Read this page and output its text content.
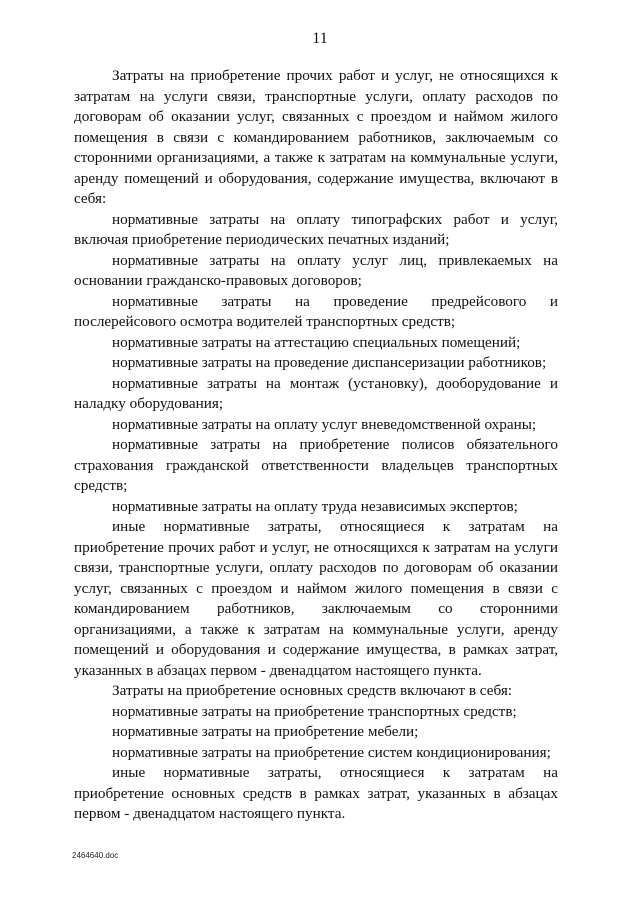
11

Затраты на приобретение прочих работ и услуг, не относящихся к затратам на услуги связи, транспортные услуги, оплату расходов по договорам об оказании услуг, связанных с проездом и наймом жилого помещения в связи с командированием работников, заключаемым со сторонними организациями, а также к затратам на коммунальные услуги, аренду помещений и оборудования, содержание имущества, включают в себя:

нормативные затраты на оплату типографских работ и услуг, включая приобретение периодических печатных изданий;

нормативные затраты на оплату услуг лиц, привлекаемых на основании гражданско-правовых договоров;

нормативные затраты на проведение предрейсового и послерейсового осмотра водителей транспортных средств;

нормативные затраты на аттестацию специальных помещений;

нормативные затраты на проведение диспансеризации работников;

нормативные затраты на монтаж (установку), дооборудование и наладку оборудования;

нормативные затраты на оплату услуг вневедомственной охраны;

нормативные затраты на приобретение полисов обязательного страхования гражданской ответственности владельцев транспортных средств;

нормативные затраты на оплату труда независимых экспертов;

иные нормативные затраты, относящиеся к затратам на приобретение прочих работ и услуг, не относящихся к затратам на услуги связи, транспортные услуги, оплату расходов по договорам об оказании услуг, связанных с проездом и наймом жилого помещения в связи с командированием работников, заключаемым со сторонними организациями, а также к затратам на коммунальные услуги, аренду помещений и оборудования и содержание имущества, в рамках затрат, указанных в абзацах первом - двенадцатом настоящего пункта.

Затраты на приобретение основных средств включают в себя:

нормативные затраты на приобретение транспортных средств;

нормативные затраты на приобретение мебели;

нормативные затраты на приобретение систем кондиционирования;

иные нормативные затраты, относящиеся к затратам на приобретение основных средств в рамках затрат, указанных в абзацах первом - двенадцатом настоящего пункта.

2464640.doc
